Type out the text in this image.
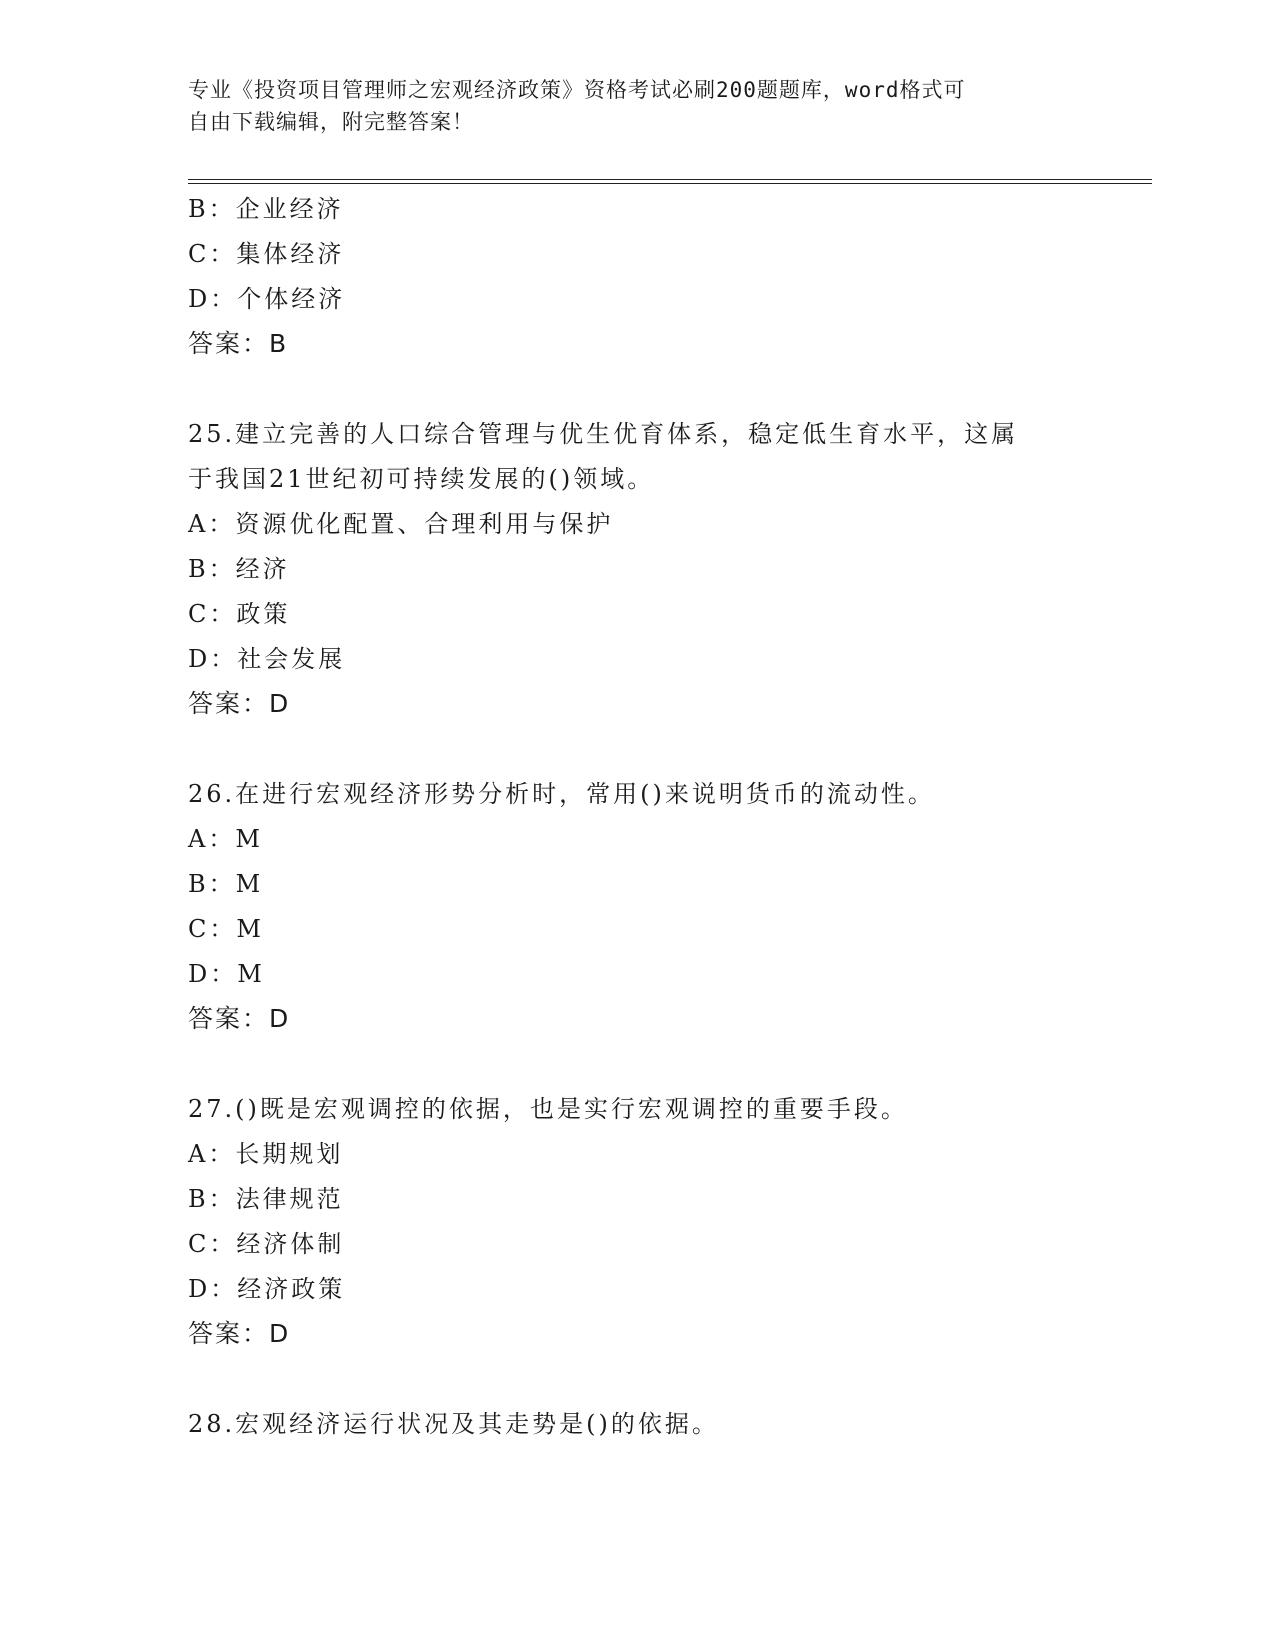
专业《投资项目管理师之宏观经济政策》资格考试必刷200题题库，word格式可
自由下载编辑，附完整答案！
B：企业经济
C：集体经济
D：个体经济
答案：B
25.建立完善的人口综合管理与优生优育体系，稳定低生育水平，这属
于我国21世纪初可持续发展的()领域。
A：资源优化配置、合理利用与保护
B：经济
C：政策
D：社会发展
答案：D
26.在进行宏观经济形势分析时，常用()来说明货币的流动性。
A：M
B：M
C：M
D：M
答案：D
27.()既是宏观调控的依据，也是实行宏观调控的重要手段。
A：长期规划
B：法律规范
C：经济体制
D：经济政策
答案：D
28.宏观经济运行状况及其走势是()的依据。
